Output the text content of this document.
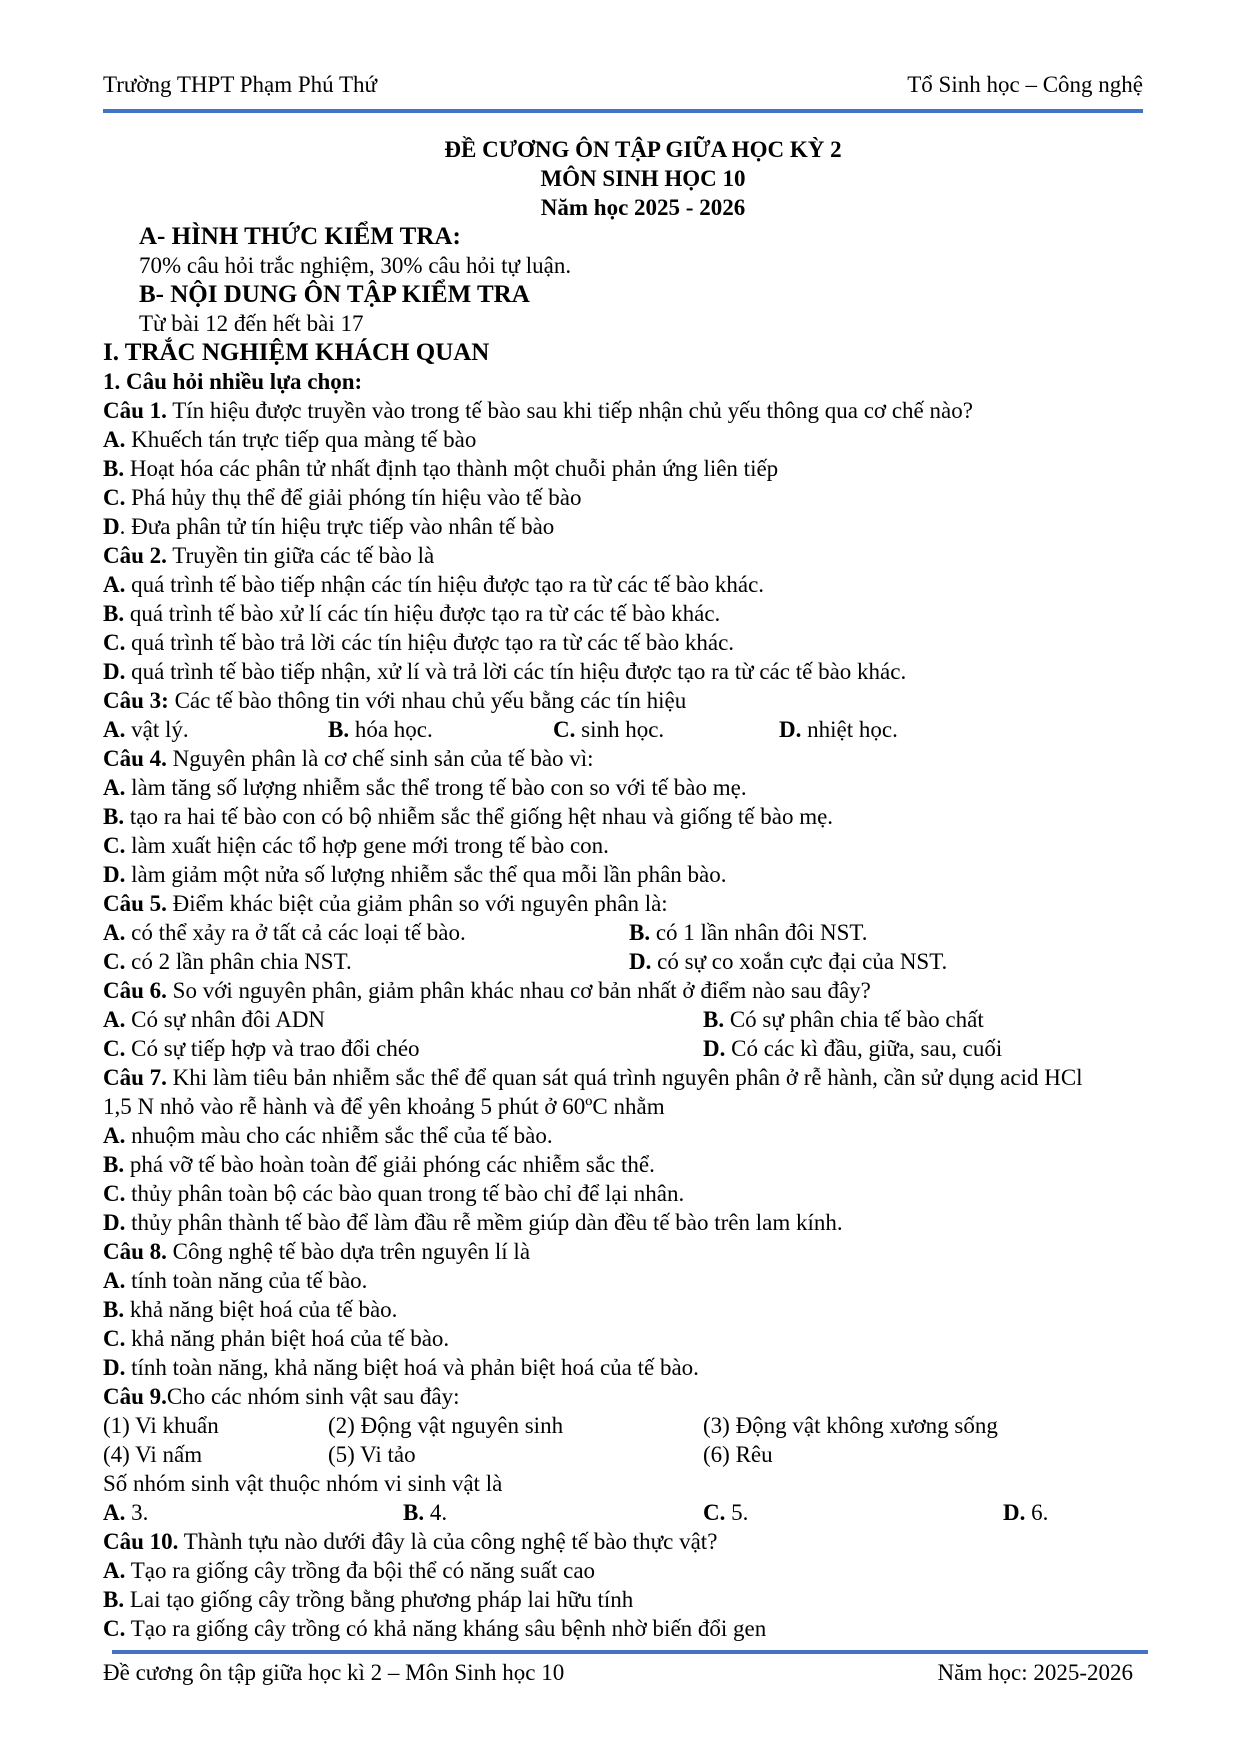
Trường THPT Phạm Phú Thứ	Tổ Sinh học – Công nghệ
ĐỀ CƯƠNG ÔN TẬP GIỮA HỌC KỲ 2
MÔN SINH HỌC 10
Năm học 2025 - 2026
A- HÌNH THỨC KIỂM TRA:
70% câu hỏi trắc nghiệm, 30% câu hỏi tự luận.
B- NỘI DUNG ÔN TẬP KIỂM TRA
Từ bài 12 đến hết bài 17
I. TRẮC NGHIỆM KHÁCH QUAN
1. Câu hỏi nhiều lựa chọn:
Câu 1. Tín hiệu được truyền vào trong tế bào sau khi tiếp nhận chủ yếu thông qua cơ chế nào?
A. Khuếch tán trực tiếp qua màng tế bào
B. Hoạt hóa các phân tử nhất định tạo thành một chuỗi phản ứng liên tiếp
C. Phá hủy thụ thể để giải phóng tín hiệu vào tế bào
D. Đưa phân tử tín hiệu trực tiếp vào nhân tế bào
Câu 2. Truyền tin giữa các tế bào là
A. quá trình tế bào tiếp nhận các tín hiệu được tạo ra từ các tế bào khác.
B. quá trình tế bào xử lí các tín hiệu được tạo ra từ các tế bào khác.
C. quá trình tế bào trả lời các tín hiệu được tạo ra từ các tế bào khác.
D. quá trình tế bào tiếp nhận, xử lí và trả lời các tín hiệu được tạo ra từ các tế bào khác.
Câu 3: Các tế bào thông tin với nhau chủ yếu bằng các tín hiệu
A. vật lý.	B. hóa học.	C. sinh học.	D. nhiệt học.
Câu 4. Nguyên phân là cơ chế sinh sản của tế bào vì:
A. làm tăng số lượng nhiễm sắc thể trong tế bào con so với tế bào mẹ.
B. tạo ra hai tế bào con có bộ nhiễm sắc thể giống hệt nhau và giống tế bào mẹ.
C. làm xuất hiện các tổ hợp gene mới trong tế bào con.
D. làm giảm một nửa số lượng nhiễm sắc thể qua mỗi lần phân bào.
Câu 5. Điểm khác biệt của giảm phân so với nguyên phân là:
A. có thể xảy ra ở tất cả các loại tế bào.	B. có 1 lần nhân đôi NST.
C. có 2 lần phân chia NST.	D. có sự co xoắn cực đại của NST.
Câu 6. So với nguyên phân, giảm phân khác nhau cơ bản nhất ở điểm nào sau đây?
A. Có sự nhân đôi ADN	B. Có sự phân chia tế bào chất
C. Có sự tiếp hợp và trao đổi chéo	D. Có các kì đầu, giữa, sau, cuối
Câu 7. Khi làm tiêu bản nhiễm sắc thể để quan sát quá trình nguyên phân ở rễ hành, cần sử dụng acid HCl
1,5 N nhỏ vào rễ hành và để yên khoảng 5 phút ở 60ºC nhằm
A. nhuộm màu cho các nhiễm sắc thể của tế bào.
B. phá vỡ tế bào hoàn toàn để giải phóng các nhiễm sắc thể.
C. thủy phân toàn bộ các bào quan trong tế bào chỉ để lại nhân.
D. thủy phân thành tế bào để làm đầu rễ mềm giúp dàn đều tế bào trên lam kính.
Câu 8. Công nghệ tế bào dựa trên nguyên lí là
A. tính toàn năng của tế bào.
B. khả năng biệt hoá của tế bào.
C. khả năng phản biệt hoá của tế bào.
D. tính toàn năng, khả năng biệt hoá và phản biệt hoá của tế bào.
Câu 9.Cho các nhóm sinh vật sau đây:
(1) Vi khuẩn	(2) Động vật nguyên sinh	(3) Động vật không xương sống
(4) Vi nấm	(5) Vi tảo	(6) Rêu
Số nhóm sinh vật thuộc nhóm vi sinh vật là
A. 3.	B. 4.	C. 5.	D. 6.
Câu 10. Thành tựu nào dưới đây là của công nghệ tế bào thực vật?
A. Tạo ra giống cây trồng đa bội thể có năng suất cao
B. Lai tạo giống cây trồng bằng phương pháp lai hữu tính
C. Tạo ra giống cây trồng có khả năng kháng sâu bệnh nhờ biến đổi gen
Đề cương ôn tập giữa học kì 2 – Môn Sinh học 10	Năm học: 2025-2026
